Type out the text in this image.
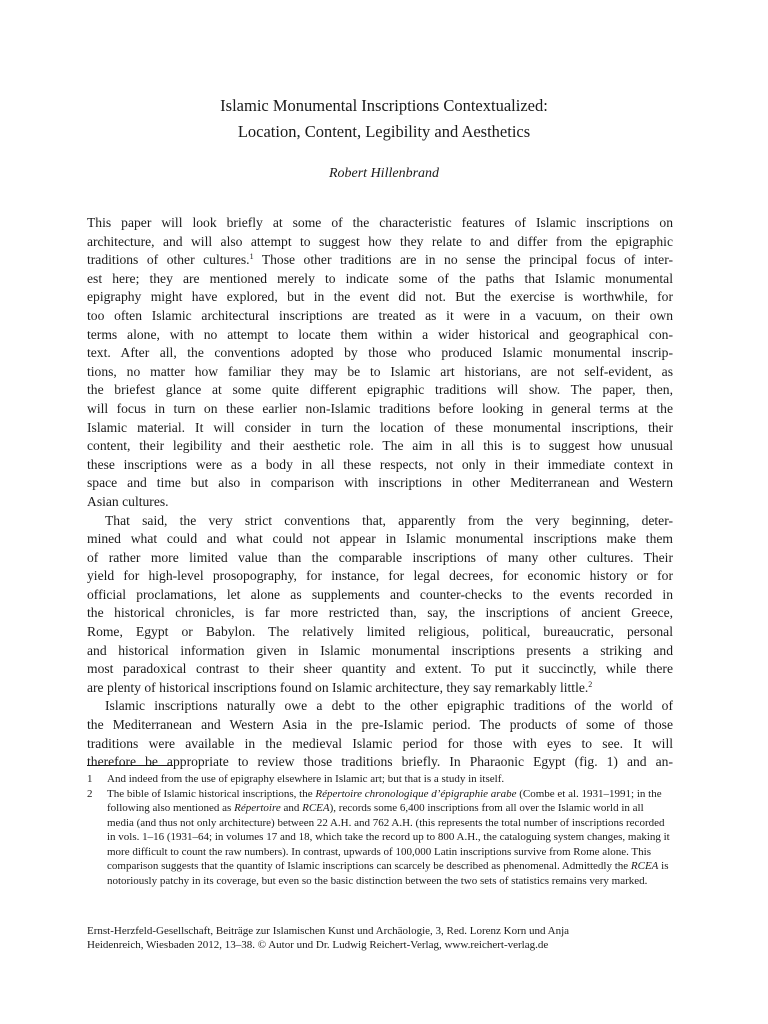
Islamic Monumental Inscriptions Contextualized:
Location, Content, Legibility and Aesthetics
Robert Hillenbrand
This paper will look briefly at some of the characteristic features of Islamic inscriptions on
architecture, and will also attempt to suggest how they relate to and differ from the epigraphic
traditions of other cultures.$^1$ Those other traditions are in no sense the principal focus of inter-
est here; they are mentioned merely to indicate some of the paths that Islamic monumental
epigraphy might have explored, but in the event did not. But the exercise is worthwhile, for
too often Islamic architectural inscriptions are treated as it were in a vacuum, on their own
terms alone, with no attempt to locate them within a wider historical and geographical con-
text. After all, the conventions adopted by those who produced Islamic monumental inscrip-
tions, no matter how familiar they may be to Islamic art historians, are not self-evident, as
the briefest glance at some quite different epigraphic traditions will show. The paper, then,
will focus in turn on these earlier non-Islamic traditions before looking in general terms at the
Islamic material. It will consider in turn the location of these monumental inscriptions, their
content, their legibility and their aesthetic role. The aim in all this is to suggest how unusual
these inscriptions were as a body in all these respects, not only in their immediate context in
space and time but also in comparison with inscriptions in other Mediterranean and Western
Asian cultures.
That said, the very strict conventions that, apparently from the very beginning, deter-
mined what could and what could not appear in Islamic monumental inscriptions make them
of rather more limited value than the comparable inscriptions of many other cultures. Their
yield for high-level prosopography, for instance, for legal decrees, for economic history or for
official proclamations, let alone as supplements and counter-checks to the events recorded in
the historical chronicles, is far more restricted than, say, the inscriptions of ancient Greece,
Rome, Egypt or Babylon. The relatively limited religious, political, bureaucratic, personal
and historical information given in Islamic monumental inscriptions presents a striking and
most paradoxical contrast to their sheer quantity and extent. To put it succinctly, while there
are plenty of historical inscriptions found on Islamic architecture, they say remarkably little.$^2$
Islamic inscriptions naturally owe a debt to the other epigraphic traditions of the world of
the Mediterranean and Western Asia in the pre-Islamic period. The products of some of those
traditions were available in the medieval Islamic period for those with eyes to see. It will
therefore be appropriate to review those traditions briefly. In Pharaonic Egypt (fig. 1) and an-
1	And indeed from the use of epigraphy elsewhere in Islamic art; but that is a study in itself.
2	The bible of Islamic historical inscriptions, the Répertoire chronologique d’épigraphie arabe (Combe et al. 1931–1991; in the following also mentioned as Répertoire and RCEA), records some 6,400 inscriptions from all over the Islamic world in all media (and thus not only architecture) between 22 A.H. and 762 A.H. (this represents the total number of inscriptions recorded in vols. 1–16 (1931–64; in volumes 17 and 18, which take the record up to 800 A.H., the cataloguing system changes, making it more difficult to count the raw numbers). In contrast, upwards of 100,000 Latin inscriptions survive from Rome alone. This comparison suggests that the quantity of Islamic inscriptions can scarcely be described as phenomenal. Admittedly the RCEA is notoriously patchy in its coverage, but even so the basic distinction between the two sets of statistics remains very marked.
Ernst-Herzfeld-Gesellschaft, Beiträge zur Islamischen Kunst und Archäologie, 3, Red. Lorenz Korn und Anja
Heidenreich, Wiesbaden 2012, 13–38. © Autor und Dr. Ludwig Reichert-Verlag, www.reichert-verlag.de
